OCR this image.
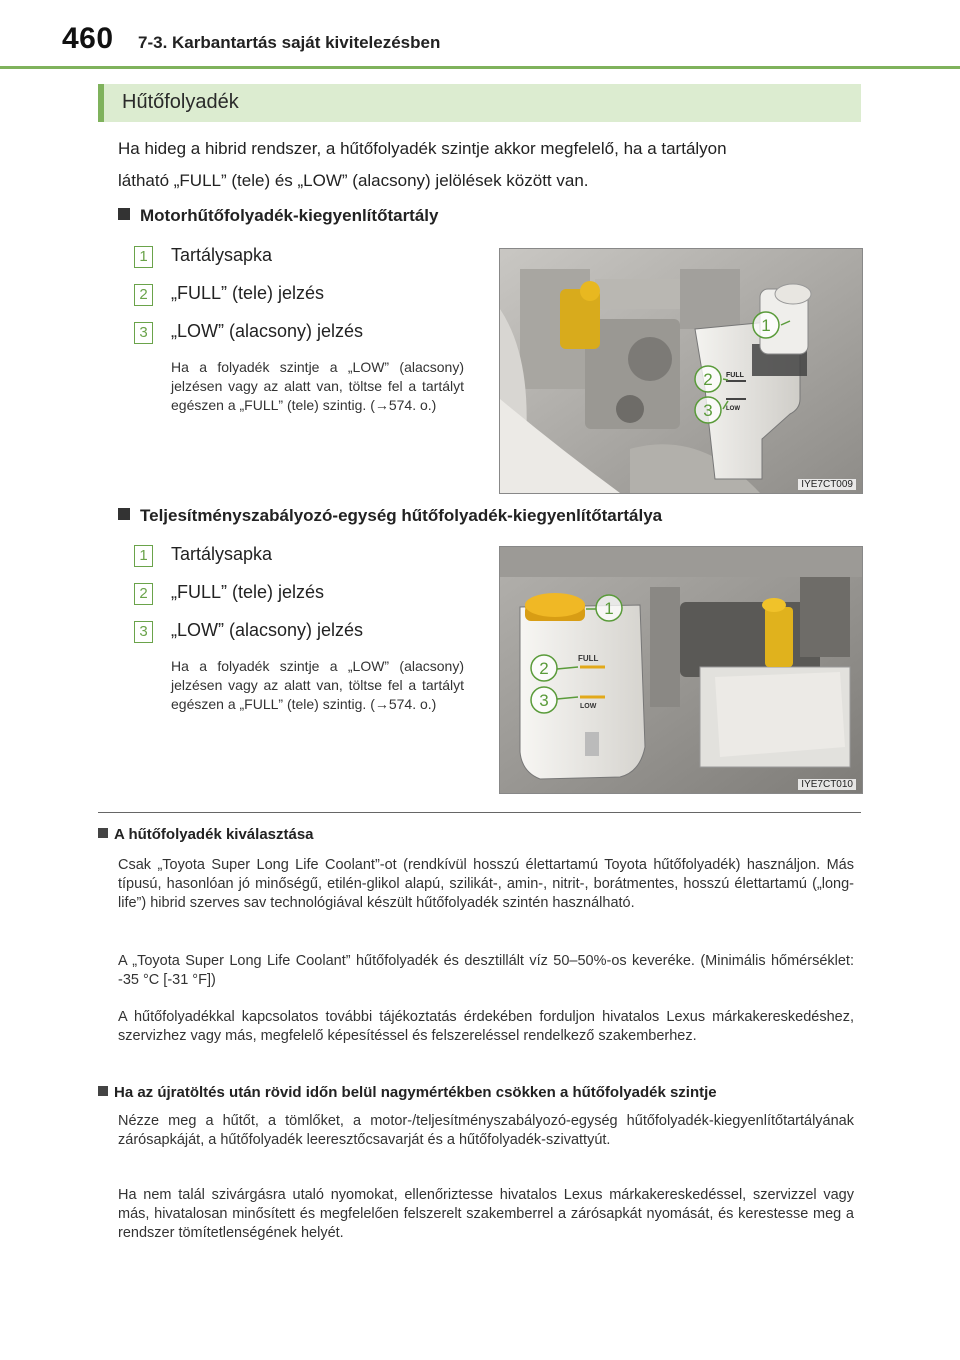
460 7-3. Karbantartás saját kivitelezésben
Hűtőfolyadék
Ha hideg a hibrid rendszer, a hűtőfolyadék szintje akkor megfelelő, ha a tartályon
látható „FULL” (tele) és „LOW” (alacsony) jelölések között van.
Motorhűtőfolyadék-kiegyenlítőtartály
1 Tartálysapka
2 „FULL” (tele) jelzés
3 „LOW” (alacsony) jelzés
Ha a folyadék szintje a „LOW” (alacsony) jelzésen vagy az alatt van, töltse fel a tartályt egészen a „FULL” (tele) szintig. (→574. o.)
FULL
LOW
1
2
3
IYE7CT009
Teljesítményszabályozó-egység hűtőfolyadék-kiegyenlítőtartálya
1 Tartálysapka
2 „FULL” (tele) jelzés
3 „LOW” (alacsony) jelzés
Ha a folyadék szintje a „LOW” (alacsony) jelzésen vagy az alatt van, töltse fel a tartályt egészen a „FULL” (tele) szintig. (→574. o.)
FULL
LOW
1
2
3
IYE7CT010
A hűtőfolyadék kiválasztása
Csak „Toyota Super Long Life Coolant”-ot (rendkívül hosszú élettartamú Toyota hűtőfolyadék) használjon. Más típusú, hasonlóan jó minőségű, etilén-glikol alapú, szilikát-, amin-, nitrit-, borátmentes, hosszú élettartamú („long-life”) hibrid szerves sav technológiával készült hűtőfolyadék szintén használható.
A „Toyota Super Long Life Coolant” hűtőfolyadék és desztillált víz 50–50%-os keveréke. (Minimális hőmérséklet: -35 °C [-31 °F])
A hűtőfolyadékkal kapcsolatos további tájékoztatás érdekében forduljon hivatalos Lexus márkakereskedéshez, szervizhez vagy más, megfelelő képesítéssel és felszereléssel rendelkező szakemberhez.
Ha az újratöltés után rövid időn belül nagymértékben csökken a hűtőfolyadék szintje
Nézze meg a hűtőt, a tömlőket, a motor-/teljesítményszabályozó-egység hűtőfolyadék-kiegyenlítőtartályának zárósapkáját, a hűtőfolyadék leeresztőcsavarját és a hűtőfolyadék-szivattyút.
Ha nem talál szivárgásra utaló nyomokat, ellenőriztesse hivatalos Lexus márkakereskedéssel, szervizzel vagy más, hivatalosan minősített és megfelelően felszerelt szakemberrel a zárósapkát nyomását, és kerestesse meg a rendszer tömítetlenségének helyét.
